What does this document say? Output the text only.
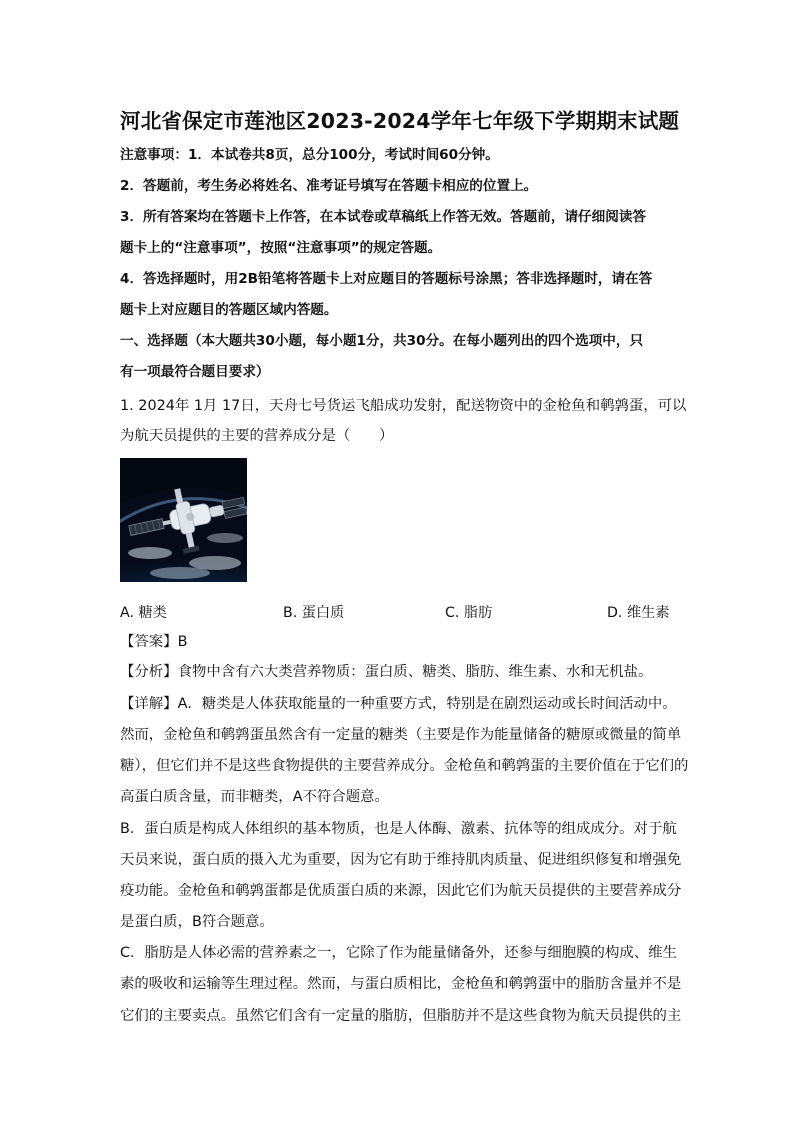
河北省保定市莲池区2023-2024学年七年级下学期期末试题
注意事项：1．本试卷共8页，总分100分，考试时间60分钟。
2．答题前，考生务必将姓名、准考证号填写在答题卡相应的位置上。
3．所有答案均在答题卡上作答，在本试卷或草稿纸上作答无效。答题前，请仔细阅读答
题卡上的“注意事项”，按照“注意事项”的规定答题。
4．答选择题时，用2B铅笔将答题卡上对应题目的答题标号涂黑；答非选择题时，请在答
题卡上对应题目的答题区域内答题。
一、选择题（本大题共30小题，每小题1分，共30分。在每小题列出的四个选项中，只
有一项最符合题目要求）
1. 2024年 1月 17日，天舟七号货运飞船成功发射，配送物资中的金枪鱼和鹌鹑蛋，可以
为航天员提供的主要的营养成分是（　　）
A. 糖类	B. 蛋白质	C. 脂肪	D. 维生素
【答案】B
【分析】食物中含有六大类营养物质：蛋白质、糖类、脂肪、维生素、水和无机盐。
【详解】A．糖类是人体获取能量的一种重要方式，特别是在剧烈运动或长时间活动中。
然而，金枪鱼和鹌鹑蛋虽然含有一定量的糖类（主要是作为能量储备的糖原或微量的简单
糖），但它们并不是这些食物提供的主要营养成分。金枪鱼和鹌鹑蛋的主要价值在于它们的
高蛋白质含量，而非糖类，A不符合题意。
B．蛋白质是构成人体组织的基本物质，也是人体酶、激素、抗体等的组成成分。对于航
天员来说，蛋白质的摄入尤为重要，因为它有助于维持肌肉质量、促进组织修复和增强免
疫功能。金枪鱼和鹌鹑蛋都是优质蛋白质的来源，因此它们为航天员提供的主要营养成分
是蛋白质，B符合题意。
C．脂肪是人体必需的营养素之一，它除了作为能量储备外，还参与细胞膜的构成、维生
素的吸收和运输等生理过程。然而，与蛋白质相比，金枪鱼和鹌鹑蛋中的脂肪含量并不是
它们的主要卖点。虽然它们含有一定量的脂肪，但脂肪并不是这些食物为航天员提供的主
